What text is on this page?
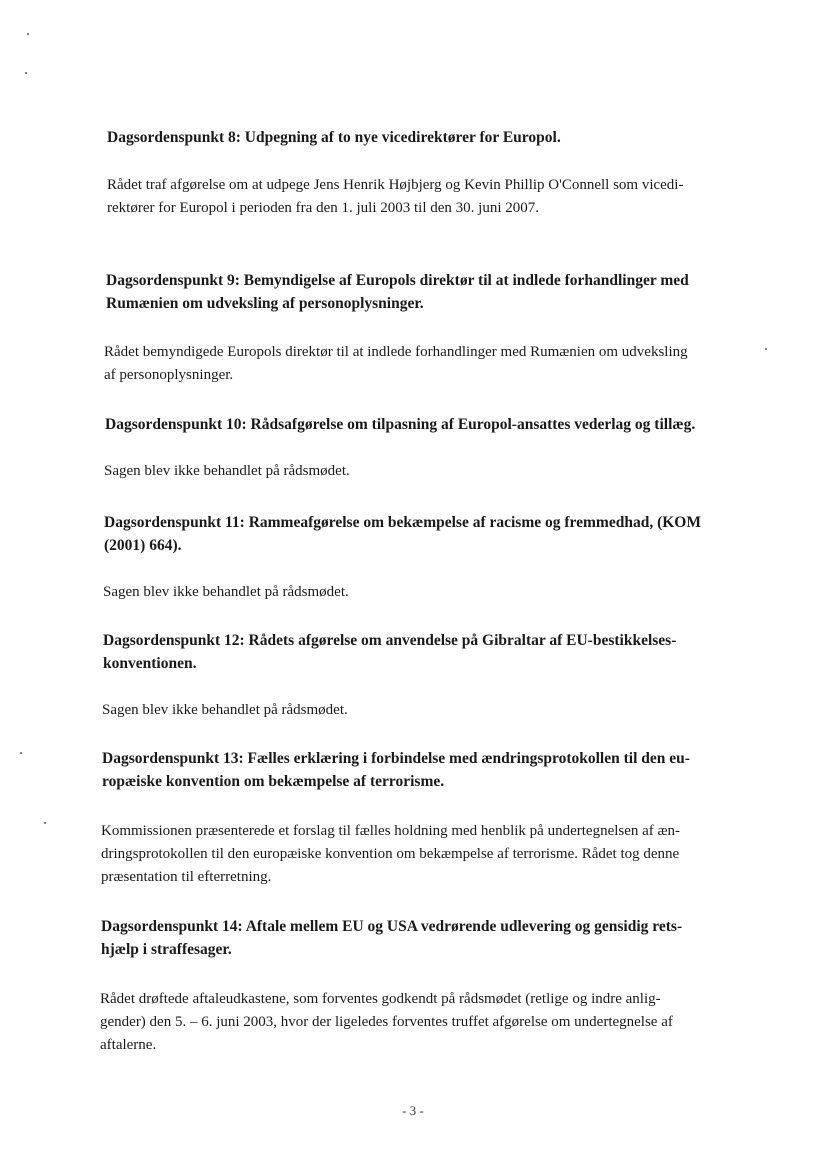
Dagsordenspunkt 8: Udpegning af to nye vicedirektører for Europol.

Rådet traf afgørelse om at udpege Jens Henrik Højbjerg og Kevin Phillip O'Connell som vicedi-
rektører for Europol i perioden fra den 1. juli 2003 til den 30. juni 2007.

Dagsordenspunkt 9: Bemyndigelse af Europols direktør til at indlede forhandlinger med
Rumænien om udveksling af personoplysninger.

Rådet bemyndigede Europols direktør til at indlede forhandlinger med Rumænien om udveksling
af personoplysninger.

Dagsordenspunkt 10: Rådsafgørelse om tilpasning af Europol-ansattes vederlag og tillæg.

Sagen blev ikke behandlet på rådsmødet.

Dagsordenspunkt 11: Rammeafgørelse om bekæmpelse af racisme og fremmedhad, (KOM
(2001) 664).

Sagen blev ikke behandlet på rådsmødet.

Dagsordenspunkt 12: Rådets afgørelse om anvendelse på Gibraltar af EU-bestikkelses-
konventionen.

Sagen blev ikke behandlet på rådsmødet.

Dagsordenspunkt 13: Fælles erklæring i forbindelse med ændringsprotokollen til den eu-
ropæiske konvention om bekæmpelse af terrorisme.

Kommissionen præsenterede et forslag til fælles holdning med henblik på undertegnelsen af æn-
dringsprotokollen til den europæiske konvention om bekæmpelse af terrorisme. Rådet tog denne
præsentation til efterretning.

Dagsordenspunkt 14: Aftale mellem EU og USA vedrørende udlevering og gensidig rets-
hjælp i straffesager.

Rådet drøftede aftaleudkastene, som forventes godkendt på rådsmødet (retlige og indre anlig-
gender) den 5. – 6. juni 2003, hvor der ligeledes forventes truffet afgørelse om undertegnelse af
aftalerne.

- 3 -
